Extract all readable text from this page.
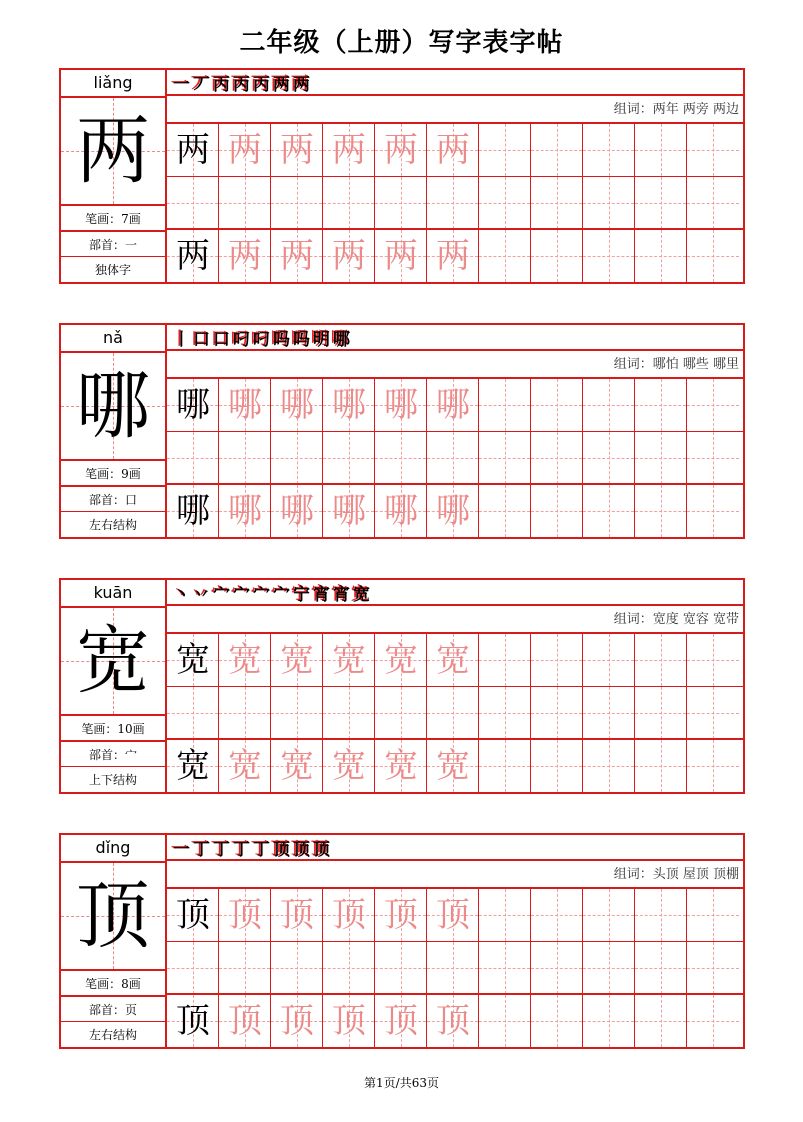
二年级（上册）写字表字帖
liǎng
两
笔画：7画
部首：一
独体字
一 丆 丙 丙 丙 两 两
组词：两年 两旁 两边
两 两 两 两 两 两
两 两 两 两 两 两
nǎ
哪
笔画：9画
部首：口
左右结构
丨 口 口 叼 叼 吗 吗 明 哪
组词：哪怕 哪些 哪里
哪 哪 哪 哪 哪 哪
哪 哪 哪 哪 哪 哪
kuān
宽
笔画：10画
部首：宀
上下结构
丶 丷 宀 宀 宀 宀 宁 宵 宵 宽
组词：宽度 宽容 宽带
宽 宽 宽 宽 宽 宽
宽 宽 宽 宽 宽 宽
dǐng
顶
笔画：8画
部首：页
左右结构
一 丁 丁 丁 丁 顶 顶 顶
组词：头顶 屋顶 顶棚
顶 顶 顶 顶 顶 顶
顶 顶 顶 顶 顶 顶
第1页/共63页
